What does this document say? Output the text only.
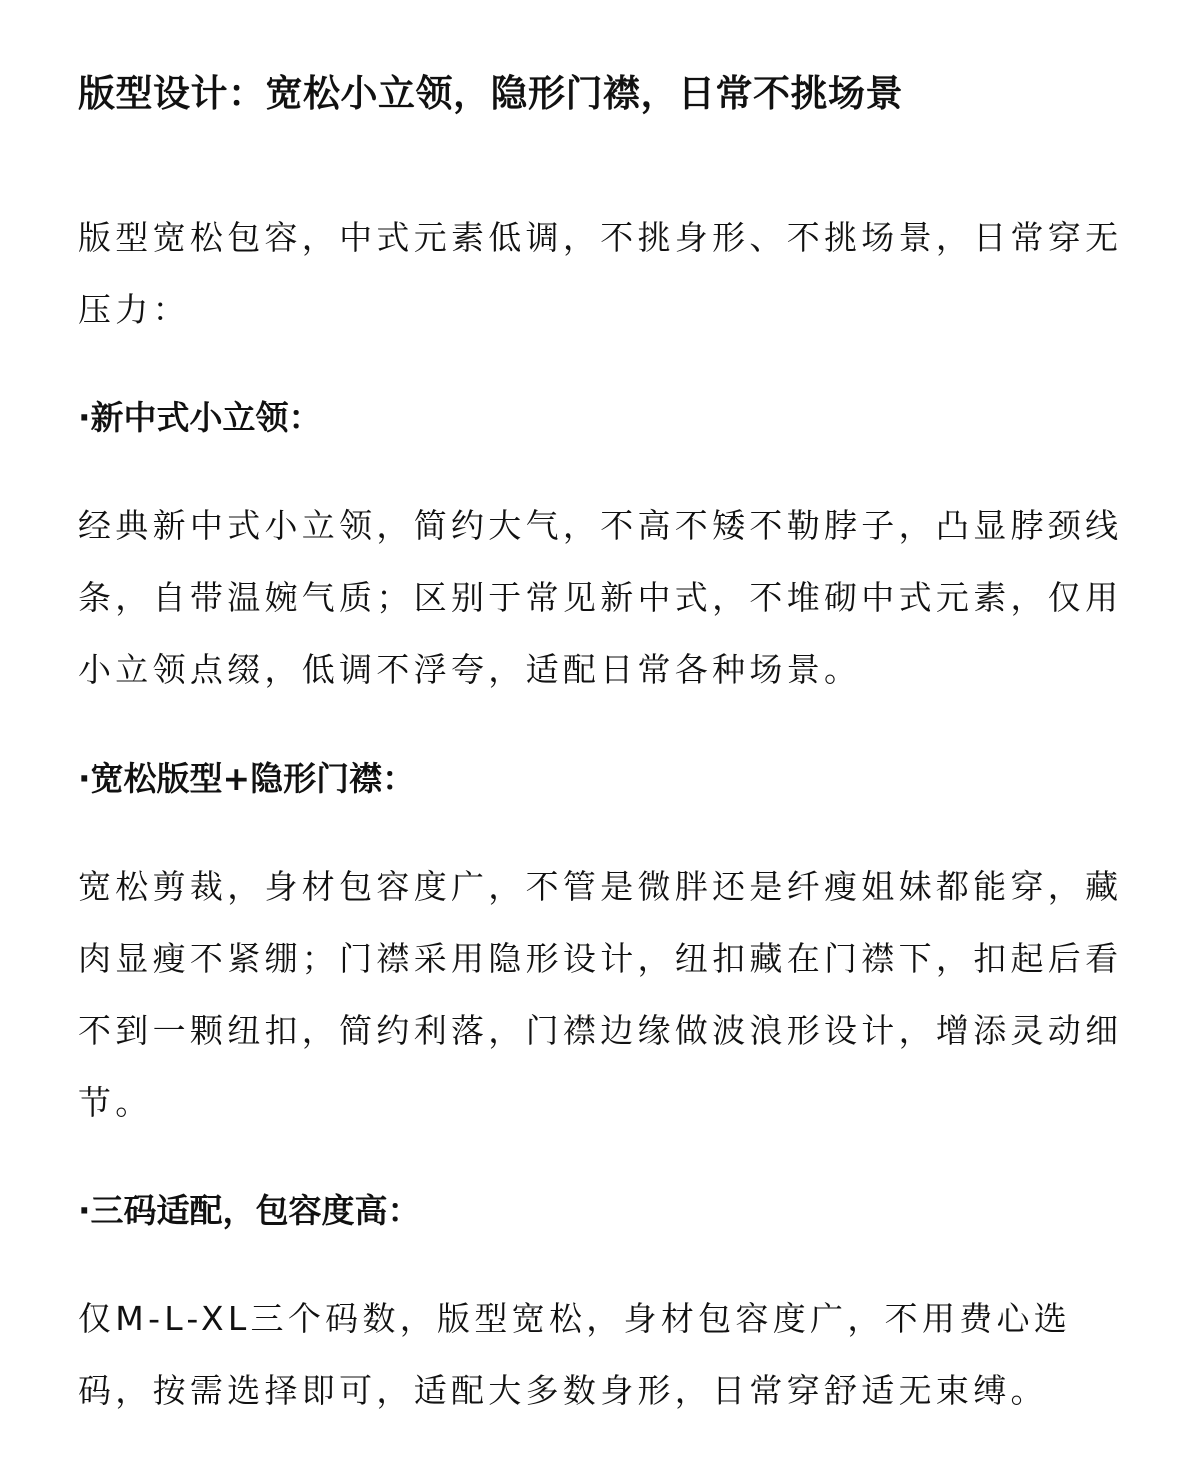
版型设计：宽松小立领，隐形门襟，日常不挑场景
版型宽松包容，中式元素低调，不挑身形、不挑场景，日常穿无压力：
·新中式小立领：
经典新中式小立领，简约大气，不高不矮不勒脖子，凸显脖颈线条，自带温婉气质；区别于常见新中式，不堆砌中式元素，仅用小立领点缀，低调不浮夸，适配日常各种场景。
·宽松版型+隐形门襟：
宽松剪裁，身材包容度广，不管是微胖还是纤瘦姐妹都能穿，藏肉显瘦不紧绷；门襟采用隐形设计，纽扣藏在门襟下，扣起后看不到一颗纽扣，简约利落，门襟边缘做波浪形设计，增添灵动细节。
·三码适配，包容度高：
仅M-L-XL三个码数，版型宽松，身材包容度广，不用费心选码，按需选择即可，适配大多数身形，日常穿舒适无束缚。
